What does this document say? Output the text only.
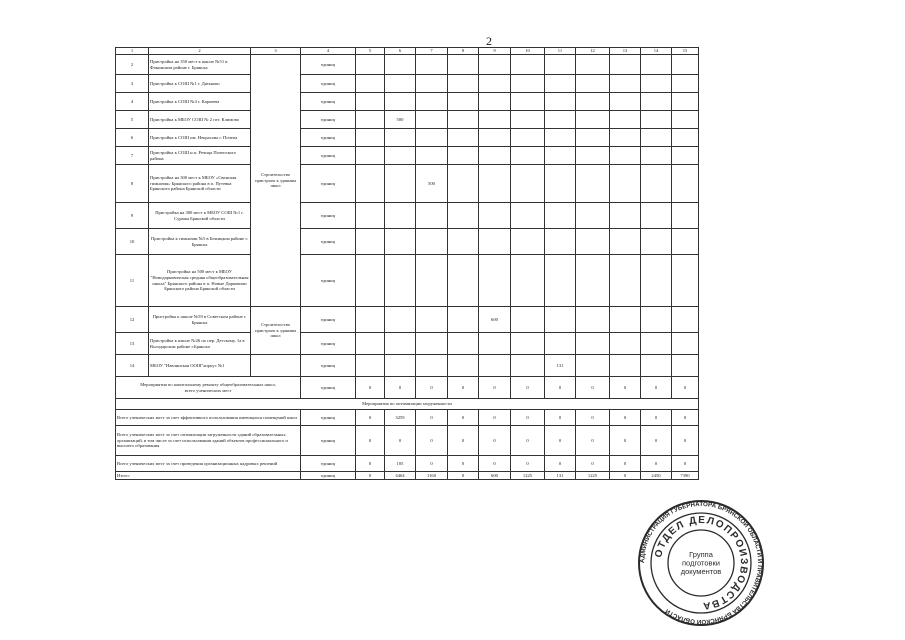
2
1	2	3	4	5	6	7	8	9	10	11	12	13	14	15	
2	Пристройка на 350 мест к школе №51 в Фокинском районе г. Брянска	Строительство пристроек к зданиям школ	единиц												
3	Пристройка к СОШ №1 г. Дятьково		единиц												
4	Пристройка к СОШ №4 г. Карачева		единиц												
5	Пристройка к МБОУ СОШ № 2 пгт. Климово		единиц		500										
6	Пристройка к СОШ им. Некрасова г. Почепа		единиц												
7	Пристройка к СОШ н.п. Речица Почепского района		единиц												
8	Пристройка на 300 мест к МБОУ «Свенская гимназия» Брянского района в п. Путевка Брянского района Брянской области		единиц			500									
9	Пристройка на 300 мест к МБОУ СОШ №1 г. Суража Брянской области		единиц												
10	Пристройка к гимназии №5 в Бежицком районе г. Брянска		единиц												
11	Пристройка на 500 мест к МБОУ "Новодарковичская средняя общеобразовательная школа" Брянского района в п. Новые Дарковичи Брянского района Брянской области		единиц												
12	Пристройка к школе №59 в Советском районе г. Брянска	Строительство пристроек к зданиям школ	единиц					600							
13	Пристройка к школе №26 по пер. Детскому, 1а в Володарском районе г.Брянска		единиц												
14	МБОУ "Навлинская ООШ"корпус №1		единиц							131					

Мероприятия по капитальному ремонту общеобразовательных школ,
всего ученических мест			единиц	0	0	0	0	0	0	0	0	0	0	0	
Мероприятия по оптимизации загруженности															
Всего ученических мест за счет эффективного использования имеющихся помещений школ			единиц	0	3259	0	0	0	0	0	0	0	0	0	
Всего ученических мест за счет оптимизации загруженности зданий образовательных организаций, в том числе за счет использования зданий объектов профессионального и высшего образования			единиц	0	0	0	0	0	0	0	0	0	0	0	
Всего ученических мест за счет проведения организационных кадровых решений			единиц	0	105	0	0	0	0	0	0	0	0	0	
Итого:			единиц	0	4464	1160	0	600	1225	131	1225	0	2450	7390	
АДМИНИСТРАЦИЯ ГУБЕРНАТОРА БРЯНСКОЙ ОБЛАСТИ И ПРАВИТЕЛЬСТВА БРЯНСКОЙ ОБЛАСТИ
ОТДЕЛ ДЕЛОПРОИЗВОДСТВА
Группа подготовки документов
